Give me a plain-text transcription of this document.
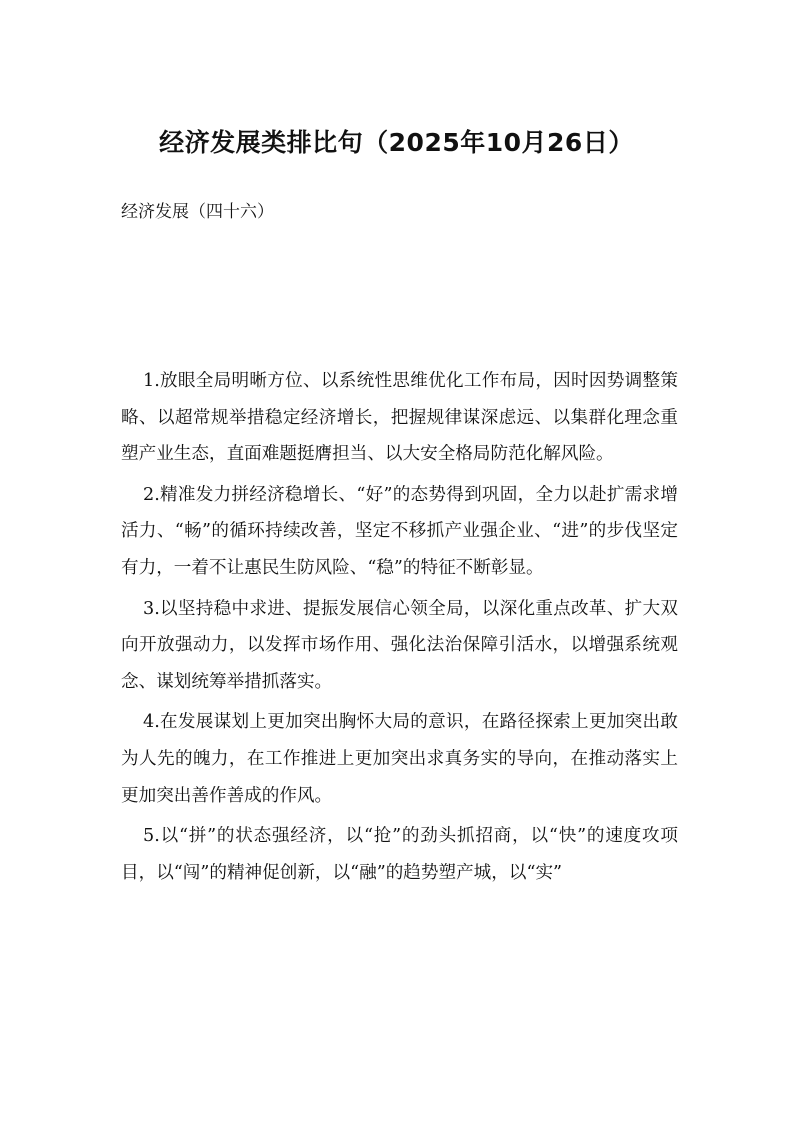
经济发展类排比句（2025年10月26日）

经济发展（四十六）

1.放眼全局明晰方位、以系统性思维优化工作布局，因时因势调整策略、以超常规举措稳定经济增长，把握规律谋深虑远、以集群化理念重塑产业生态，直面难题挺膺担当、以大安全格局防范化解风险。

2.精准发力拼经济稳增长、“好”的态势得到巩固，全力以赴扩需求增活力、“畅”的循环持续改善，坚定不移抓产业强企业、“进”的步伐坚定有力，一着不让惠民生防风险、“稳”的特征不断彰显。

3.以坚持稳中求进、提振发展信心领全局，以深化重点改革、扩大双向开放强动力，以发挥市场作用、强化法治保障引活水，以增强系统观念、谋划统筹举措抓落实。

4.在发展谋划上更加突出胸怀大局的意识，在路径探索上更加突出敢为人先的魄力，在工作推进上更加突出求真务实的导向，在推动落实上更加突出善作善成的作风。

5.以“拼”的状态强经济，以“抢”的劲头抓招商，以“快”的速度攻项目，以“闯”的精神促创新，以“融”的趋势塑产城，以“实”
